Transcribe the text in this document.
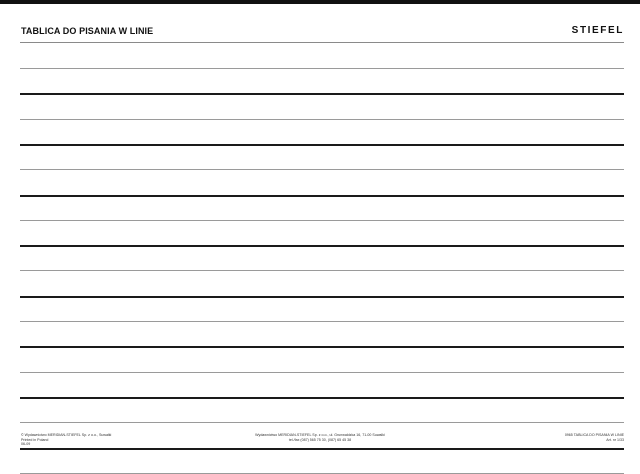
TABLICA DO PISANIA W LINIE	STIEFEL
© Wydawnictwo MERIDIAN-STIEFEL Sp. z o.o., Suwałki
Printed in Poland
06-09
Wydawnictwo MERIDIAN-STIEFEL Sp. z o.o., ul. Grunwaldzka 16, 71-00 Suwałki
tel./fax (087) 565 75 30, (087) 65 45 38
0965 TABLICA DO PISANIA W LINIE
Art. nr 1/33
